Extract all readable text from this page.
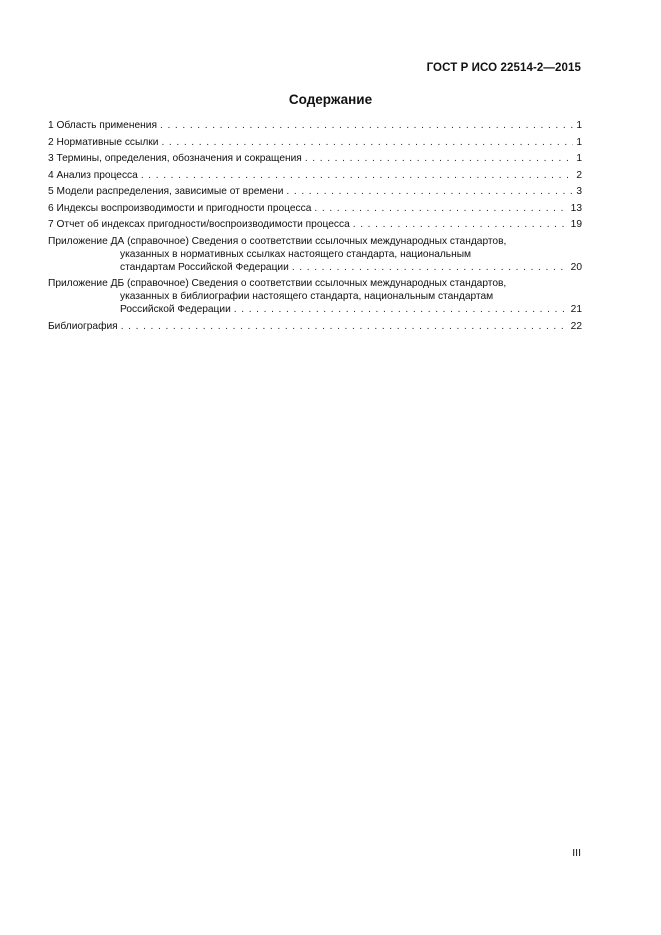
ГОСТ Р ИСО 22514-2—2015
Содержание
1 Область применения . . .	1
2 Нормативные ссылки . . .	1
3 Термины, определения, обозначения и сокращения . . .	1
4 Анализ процесса . . .	2
5 Модели распределения, зависимые от времени . . .	3
6 Индексы воспроизводимости и пригодности процесса . . .	13
7 Отчет об индексах пригодности/воспроизводимости процесса . . .	19
Приложение ДА (справочное) Сведения о соответствии ссылочных международных стандартов,
указанных в нормативных ссылках настоящего стандарта, национальным
стандартам Российской Федерации . . .	20
Приложение ДБ (справочное) Сведения о соответствии ссылочных международных стандартов,
указанных в библиографии настоящего стандарта, национальным стандартам
Российской Федерации . . .	21
Библиография . . .	22
III
